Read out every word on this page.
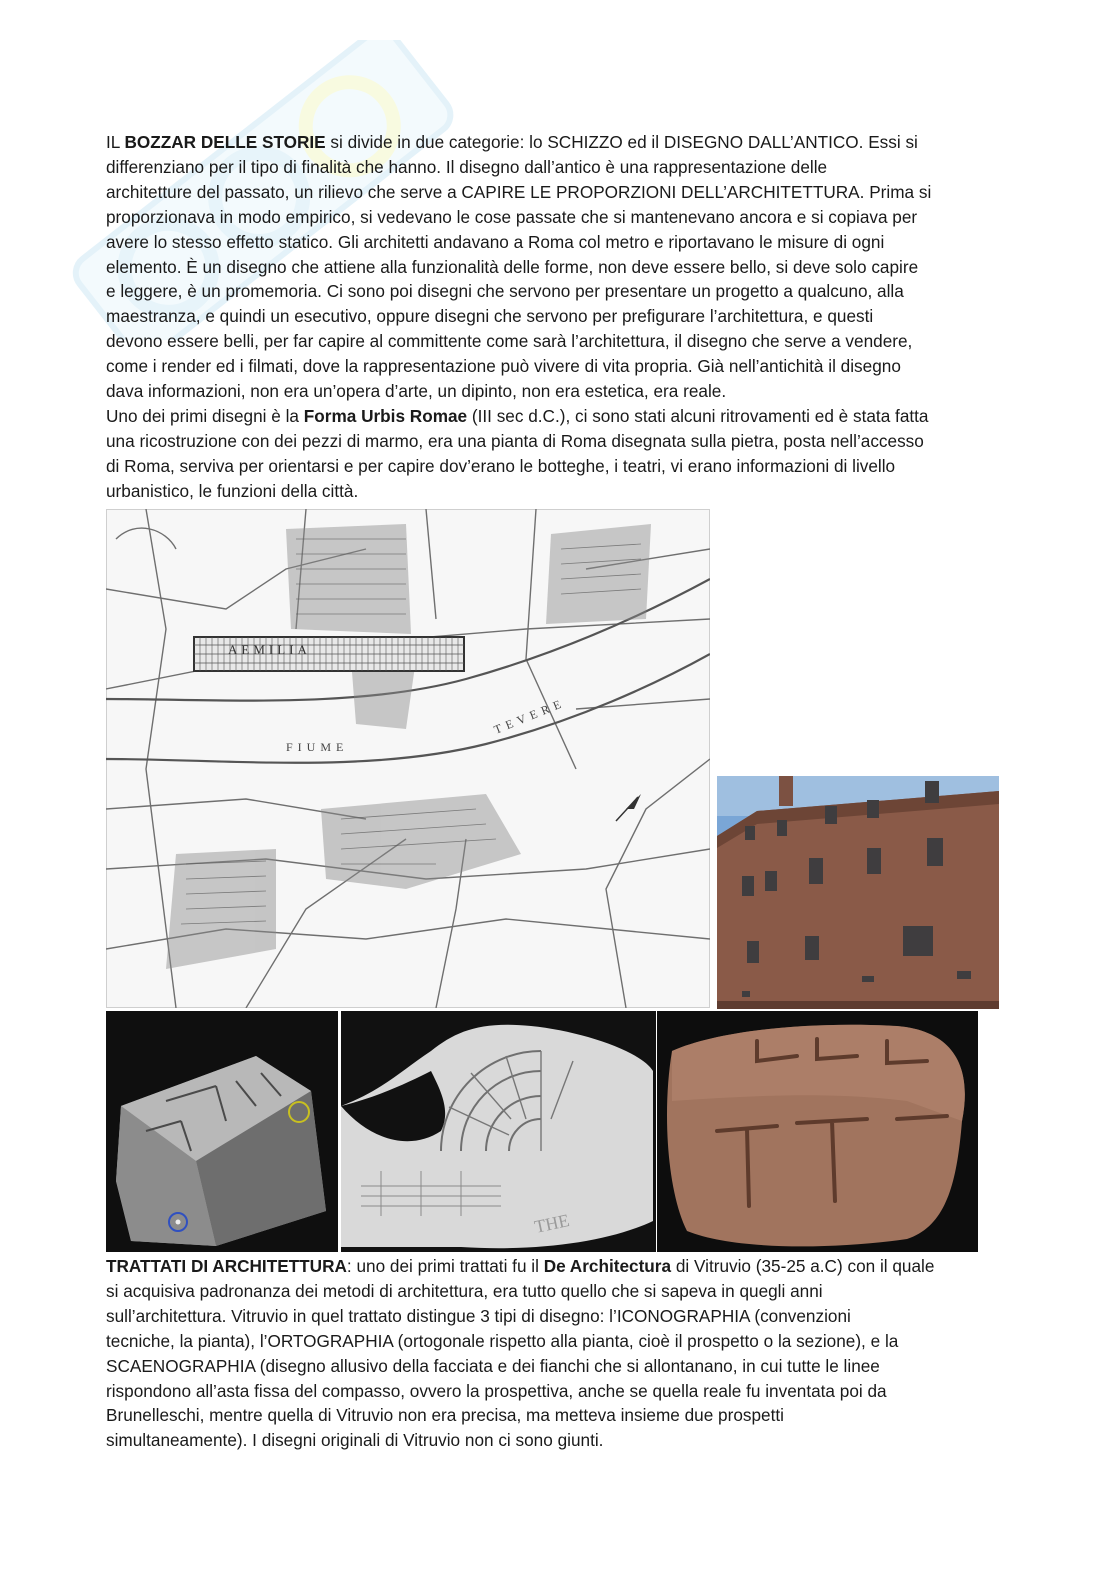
IL BOZZAR DELLE STORIE si divide in due categorie: lo SCHIZZO ed il DISEGNO DALL’ANTICO. Essi si
differenziano per il tipo di finalità che hanno. Il disegno dall’antico è una rappresentazione delle
architetture del passato, un rilievo che serve a CAPIRE LE PROPORZIONI DELL’ARCHITETTURA. Prima si
proporzionava in modo empirico, si vedevano le cose passate che si mantenevano ancora e si copiava per
avere lo stesso effetto statico. Gli architetti andavano a Roma col metro e riportavano le misure di ogni
elemento. È un disegno che attiene alla funzionalità delle forme, non deve essere bello, si deve solo capire
e leggere, è un promemoria. Ci sono poi disegni che servono per presentare un progetto a qualcuno, alla
maestranza, e quindi un esecutivo, oppure disegni che servono per prefigurare l’architettura, e questi
devono essere belli, per far capire al committente come sarà l’architettura, il disegno che serve a vendere,
come i render ed i filmati, dove la rappresentazione può vivere di vita propria. Già nell’antichità il disegno
dava informazioni, non era un’opera d’arte, un dipinto, non era estetica, era reale.
Uno dei primi disegni è la Forma Urbis Romae (III sec d.C.), ci sono stati alcuni ritrovamenti ed è stata fatta
una ricostruzione con dei pezzi di marmo, era una pianta di Roma disegnata sulla pietra, posta nell’accesso
di Roma, serviva per orientarsi e per capire dov’erano le botteghe, i teatri, vi erano informazioni di livello
urbanistico, le funzioni della città.
AEMILIA
FIUME
TEVERE
THE
TRATTATI DI ARCHITETTURA: uno dei primi trattati fu il De Architectura di Vitruvio (35-25 a.C) con il quale
si acquisiva padronanza dei metodi di architettura, era tutto quello che si sapeva in quegli anni
sull’architettura. Vitruvio in quel trattato distingue 3 tipi di disegno: l’ICONOGRAPHIA (convenzioni
tecniche, la pianta), l’ORTOGRAPHIA (ortogonale rispetto alla pianta, cioè il prospetto o la sezione), e la
SCAENOGRAPHIA (disegno allusivo della facciata e dei fianchi che si allontanano, in cui tutte le linee
rispondono all’asta fissa del compasso, ovvero la prospettiva, anche se quella reale fu inventata poi da
Brunelleschi, mentre quella di Vitruvio non era precisa, ma metteva insieme due prospetti
simultaneamente). I disegni originali di Vitruvio non ci sono giunti.
